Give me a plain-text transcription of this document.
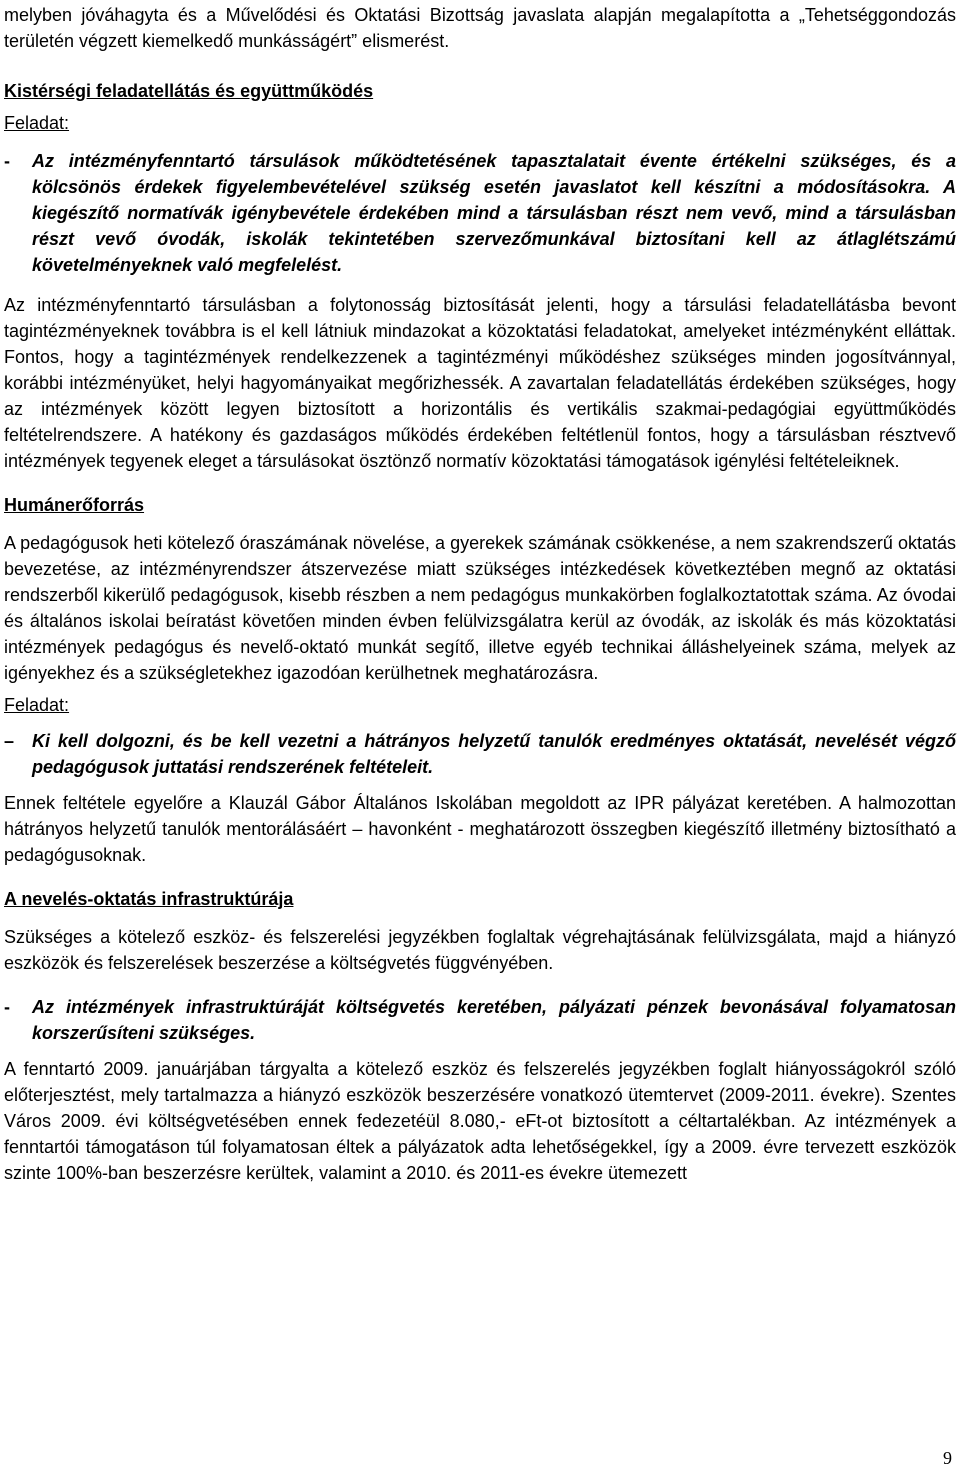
melyben jóváhagyta és a Művelődési és Oktatási Bizottság javaslata alapján megalapította a „Tehetséggondozás területén végzett kiemelkedő munkásságért” elismerést.

Kistérségi feladatellátás és együttműködés

Feladat:

-	Az intézményfenntartó társulások működtetésének tapasztalatait évente értékelni szükséges, és a kölcsönös érdekek figyelembevételével szükség esetén javaslatot kell készítni a módosításokra. A kiegészítő normatívák igénybevétele érdekében mind a társulásban részt nem vevő, mind a társulásban részt vevő óvodák, iskolák tekintetében szervezőmunkával biztosítani kell az átlaglétszámú követelményeknek való megfelelést.

Az intézményfenntartó társulásban a folytonosság biztosítását jelenti, hogy a társulási feladatellátásba bevont tagintézményeknek továbbra is el kell látniuk mindazokat a közoktatási feladatokat, amelyeket intézményként elláttak. Fontos, hogy a tagintézmények rendelkezzenek a tagintézményi működéshez szükséges minden jogosítvánnyal, korábbi intézményüket, helyi hagyományaikat megőrizhessék. A zavartalan feladatellátás érdekében szükséges, hogy az intézmények között legyen biztosított a horizontális és vertikális szakmai-pedagógiai együttműködés feltételrendszere. A hatékony és gazdaságos működés érdekében feltétlenül fontos, hogy a társulásban résztvevő intézmények tegyenek eleget a társulásokat ösztönző normatív közoktatási támogatások igénylési feltételeiknek.

Humánerőforrás

A pedagógusok heti kötelező óraszámának növelése, a gyerekek számának csökkenése, a nem szakrendszerű oktatás bevezetése, az intézményrendszer átszervezése miatt szükséges intézkedések következtében megnő az oktatási rendszerből kikerülő pedagógusok, kisebb részben a nem pedagógus munkakörben foglalkoztatottak száma. Az óvodai és általános iskolai beíratást követően minden évben felülvizsgálatra kerül az óvodák, az iskolák és más közoktatási intézmények pedagógus és nevelő-oktató munkát segítő, illetve egyéb technikai álláshelyeinek száma, melyek az igényekhez és a szükségletekhez igazodóan kerülhetnek meghatározásra.

Feladat:

– Ki kell dolgozni, és be kell vezetni a hátrányos helyzetű tanulók eredményes oktatását, nevelését végző pedagógusok juttatási rendszerének feltételeit.

Ennek feltétele egyelőre a Klauzál Gábor Általános Iskolában megoldott az IPR pályázat keretében. A halmozottan hátrányos helyzetű tanulók mentorálásáért – havonként - meghatározott összegben kiegészítő illetmény biztosítható a pedagógusoknak.

A nevelés-oktatás infrastruktúrája

Szükséges a kötelező eszköz- és felszerelési jegyzékben foglaltak végrehajtásának felülvizsgálata, majd a hiányzó eszközök és felszerelések beszerzése a költségvetés függvényében.

-	Az intézmények infrastruktúráját költségvetés keretében, pályázati pénzek bevonásával folyamatosan korszerűsíteni szükséges.

A fenntartó 2009. januárjában tárgyalta a kötelező eszköz és felszerelés jegyzékben foglalt hiányosságokról szóló előterjesztést, mely tartalmazza a hiányzó eszközök beszerzésére vonatkozó ütemtervet (2009-2011. évekre). Szentes Város 2009. évi költségvetésében ennek fedezetéül 8.080,- eFt-ot biztosított a céltartalékban. Az intézmények a fenntartói támogatáson túl folyamatosan éltek a pályázatok adta lehetőségekkel, így a 2009. évre tervezett eszközök szinte 100%-ban beszerzésre kerültek, valamint a 2010. és 2011-es évekre ütemezett

9
